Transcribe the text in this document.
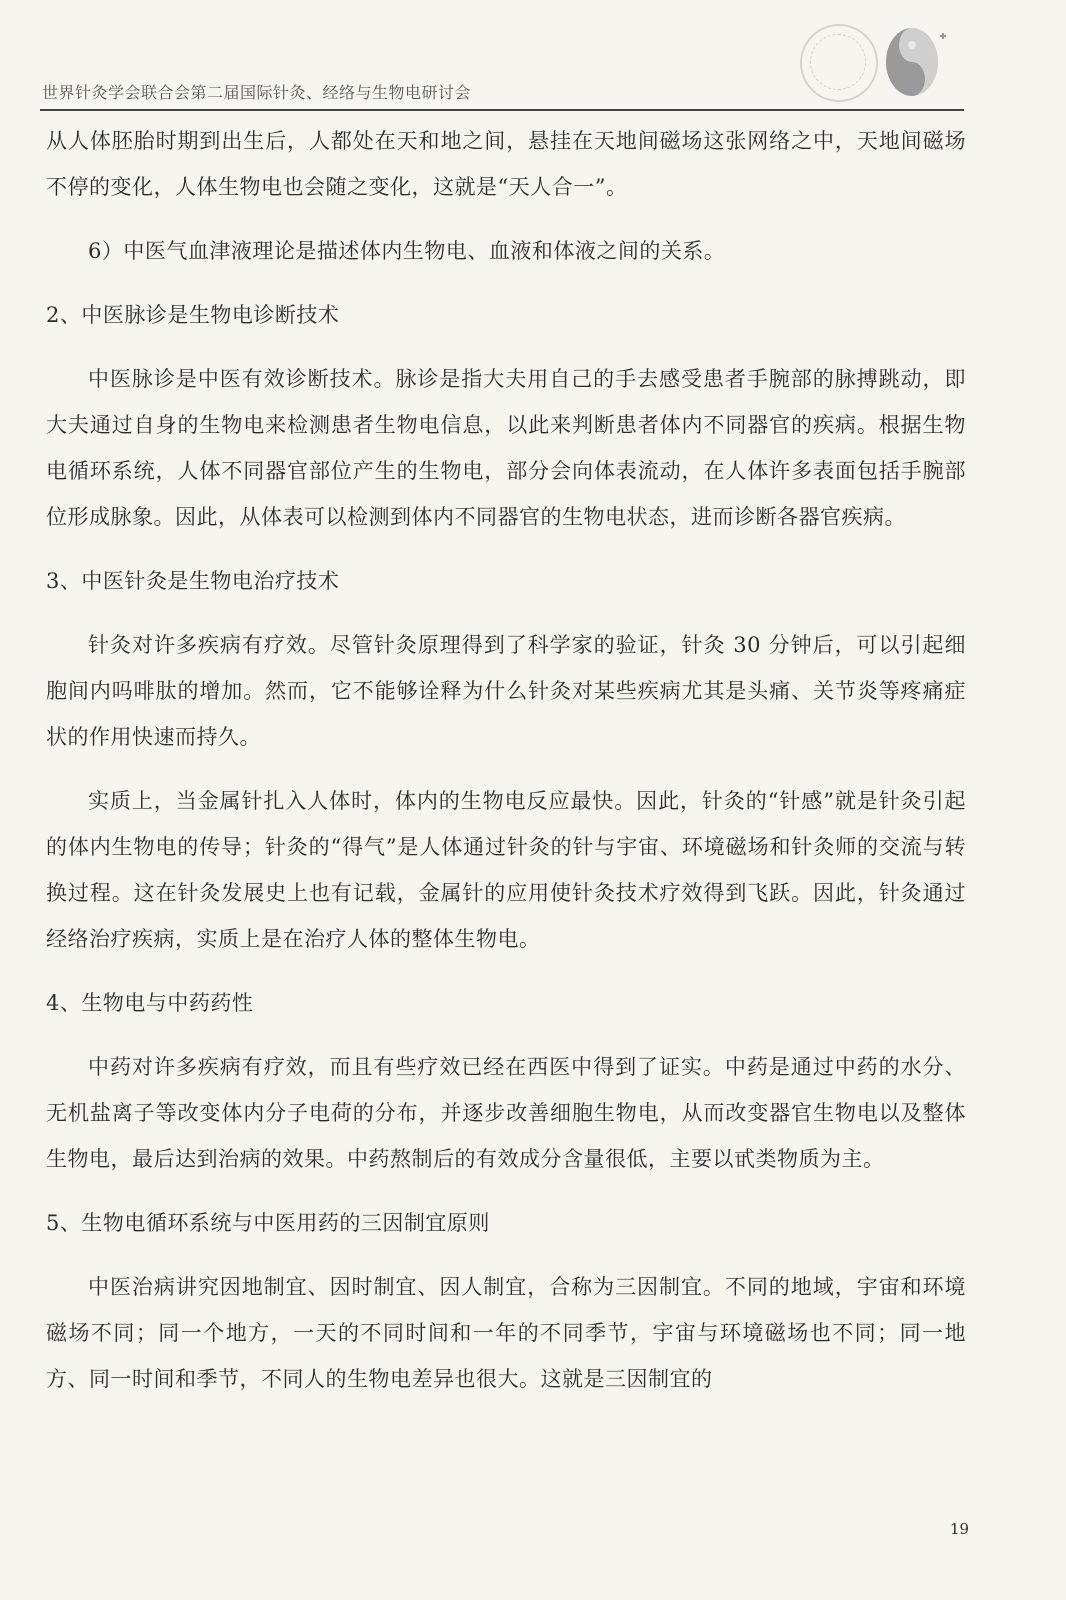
世界针灸学会联合会第二届国际针灸、经络与生物电研讨会

从人体胚胎时期到出生后，人都处在天和地之间，悬挂在天地间磁场这张网络之中，天地间磁场不停的变化，人体生物电也会随之变化，这就是“天人合一”。

6）中医气血津液理论是描述体内生物电、血液和体液之间的关系。

2、中医脉诊是生物电诊断技术

中医脉诊是中医有效诊断技术。脉诊是指大夫用自己的手去感受患者手腕部的脉搏跳动，即大夫通过自身的生物电来检测患者生物电信息，以此来判断患者体内不同器官的疾病。根据生物电循环系统，人体不同器官部位产生的生物电，部分会向体表流动，在人体许多表面包括手腕部位形成脉象。因此，从体表可以检测到体内不同器官的生物电状态，进而诊断各器官疾病。

3、中医针灸是生物电治疗技术

针灸对许多疾病有疗效。尽管针灸原理得到了科学家的验证，针灸 30 分钟后，可以引起细胞间内吗啡肽的增加。然而，它不能够诠释为什么针灸对某些疾病尤其是头痛、关节炎等疼痛症状的作用快速而持久。

实质上，当金属针扎入人体时，体内的生物电反应最快。因此，针灸的“针感”就是针灸引起的体内生物电的传导；针灸的“得气”是人体通过针灸的针与宇宙、环境磁场和针灸师的交流与转换过程。这在针灸发展史上也有记载，金属针的应用使针灸技术疗效得到飞跃。因此，针灸通过经络治疗疾病，实质上是在治疗人体的整体生物电。

4、生物电与中药药性

中药对许多疾病有疗效，而且有些疗效已经在西医中得到了证实。中药是通过中药的水分、无机盐离子等改变体内分子电荷的分布，并逐步改善细胞生物电，从而改变器官生物电以及整体生物电，最后达到治病的效果。中药熬制后的有效成分含量很低，主要以甙类物质为主。

5、生物电循环系统与中医用药的三因制宜原则

中医治病讲究因地制宜、因时制宜、因人制宜，合称为三因制宜。不同的地域，宇宙和环境磁场不同；同一个地方，一天的不同时间和一年的不同季节，宇宙与环境磁场也不同；同一地方、同一时间和季节，不同人的生物电差异也很大。这就是三因制宜的

19
